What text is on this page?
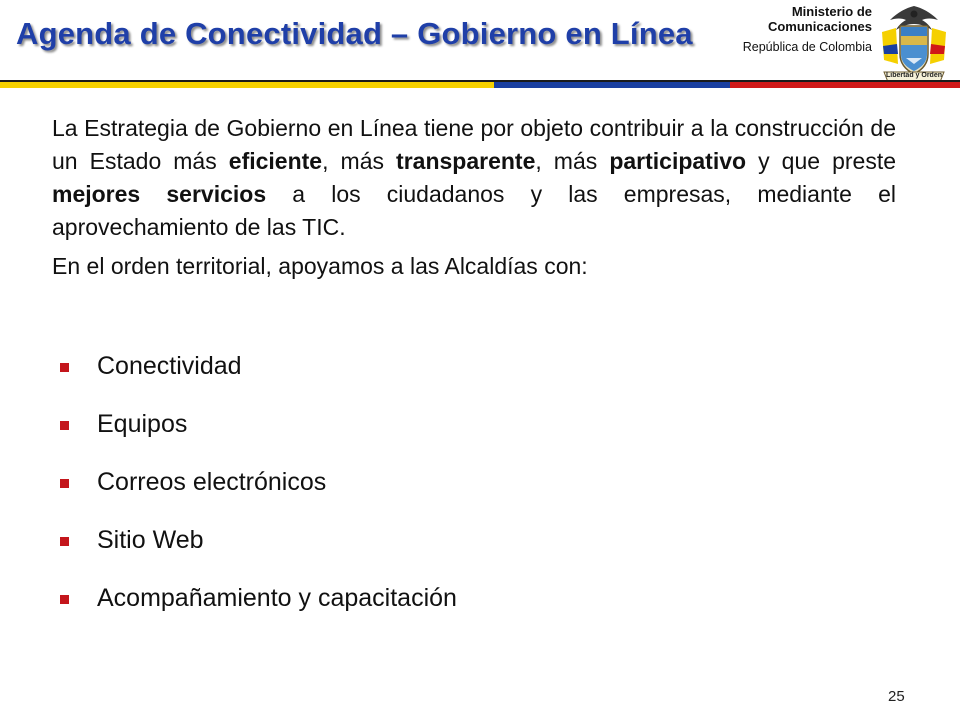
Agenda de Conectividad – Gobierno en Línea
Ministerio de
Comunicaciones
República de Colombia
Libertad y Orden

La Estrategia de Gobierno en Línea tiene por objeto contribuir a la construcción de un Estado más eficiente, más transparente, más participativo y que preste mejores servicios a los ciudadanos y las empresas, mediante el aprovechamiento de las TIC.

En el orden territorial, apoyamos a las Alcaldías con:

Conectividad
Equipos
Correos electrónicos
Sitio Web
Acompañamiento y capacitación
25
